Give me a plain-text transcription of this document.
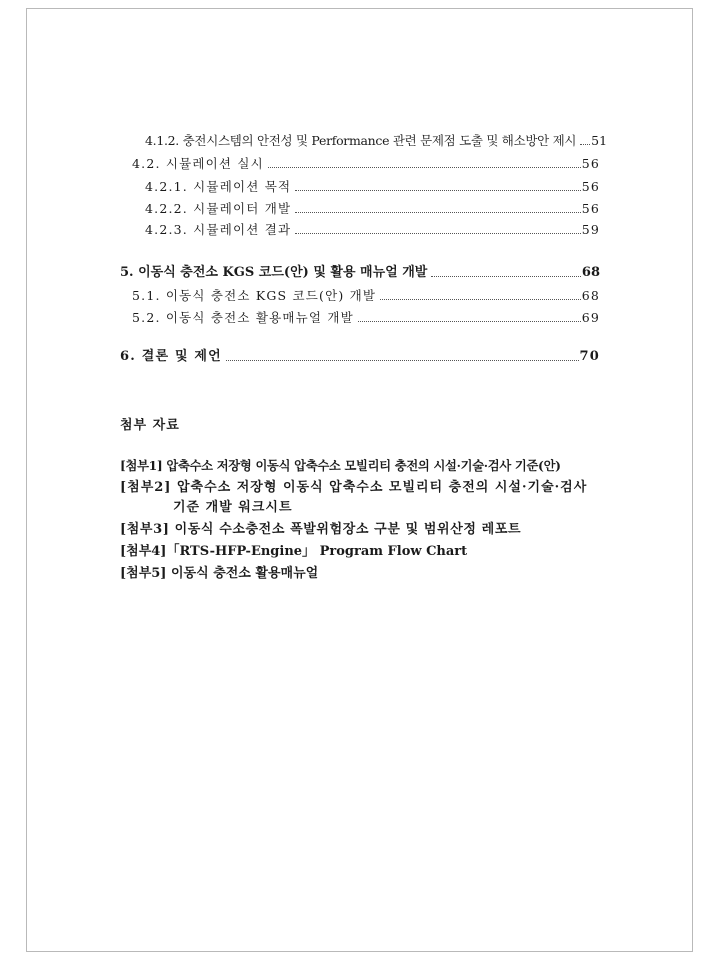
4.1.2. 충전시스템의 안전성 및 Performance 관련 문제점 도출 및 해소방안 제시	51
4.2. 시뮬레이션 실시	56
4.2.1. 시뮬레이션 목적	56
4.2.2. 시뮬레이터 개발	56
4.2.3. 시뮬레이션 결과	59
5. 이동식 충전소 KGS 코드(안) 및 활용 매뉴얼 개발	68
5.1. 이동식 충전소 KGS 코드(안) 개발	68
5.2. 이동식 충전소 활용매뉴얼 개발	69
6. 결론 및 제언	70
첨부 자료
[첨부1] 압축수소 저장형 이동식 압축수소 모빌리티 충전의 시설·기술·검사 기준(안)
[첨부2] 압축수소 저장형 이동식 압축수소 모빌리티 충전의 시설·기술·검사
기준 개발 워크시트
[첨부3] 이동식 수소충전소 폭발위험장소 구분 및 범위산정 레포트
[첨부4]「RTS-HFP-Engine」 Program Flow Chart
[첨부5] 이동식 충전소 활용매뉴얼
